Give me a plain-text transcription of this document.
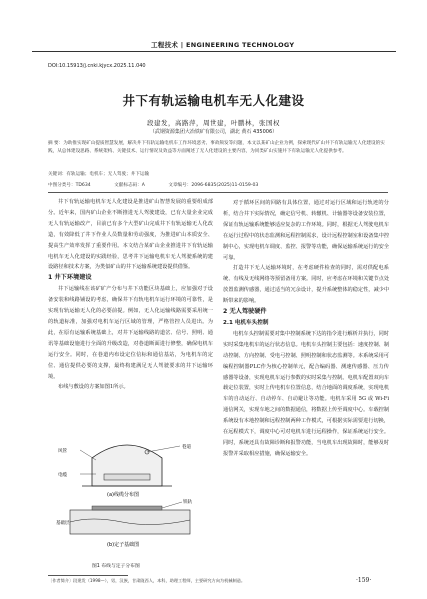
工程技术 | ENGINEERING TECHNOLOGY
DOI:10.15913/j.cnki.kjycx.2025.11.040
井下有轨运输电机车无人化建设
段建发，高路萍，周世建，叶鹏林，张国权
（武钢资源集团大冶铁矿有限公司，湖北 黄石 435006）
摘 要：为助推实现矿山提质智慧发展，解决井下有轨运输电机车工作环境恶劣、事故频发等问题，本文以某矿山企业为例，探索现代矿山井下有轨运输无人化建设的实践，从总体建设思路、系统架构、关键技术、运行情况及效益等方面阐述了无人化建设的主要内容，为同类矿山实施井下有轨运输无人化提供参考。
关键词：有轨运输；电机车；无人驾驶；井下运输
中图分类号：TD634	文献标志码：A	文章编号：2096-6835(2025)11-0159-03

井下有轨运输电机车无人化建设是推进矿山智慧发展的重要组成部分。近年来，国内矿山企业不断推进无人驾驶建设，已有大量企业完成无人有轨运输改产，目前已有多个大型矿山完成井下有轨运输无人化改造，有效降低了井下作业人员数量和劳动强度，为推进矿山本质安全、提高生产效率发挥了重要作用。本文结合某矿山企业推进井下有轨运输电机车无人化建设的实践经验，思考井下运输电机车无人驾驶系统的建设路径和技术方案，为类似矿山的井下运输系统建设提供借鉴。

1 井下环境建设

井下运输线在该矿矿产分布与井下功能区块基础上，应加强对于设备安装和线路铺设的考虑，确保井下有轨电机车运行环境的可靠性，是实现有轨运输无人化的必要前提。例如，无人化运输线路需要采用统一的轨道标准，加强对电机车运行区域的管理，严格管控人员进出。为此，在原有运输系统基础上，对井下运输线路的道岔、信号、照明、通讯等基础设施进行全面的升级改造，对巷道断面进行修整，确保电机车运行安全。同时，在巷道内布设定位信标和通信基站，为电机车的定位、通信提供必要的支撑，最终构建满足无人驾驶要求的井下运输环境。

布线与敷设的方案如图1所示。

风管
电缆
巷道
(a)线缆分布图
铁轨
基础层
(b)定子基础图
图1 布线与定子分布图

对于循环区间的回路有具体位置，通过对运行区域和运行轨迹的分析，结合井下实际情况，确定信号机、转辙机、计轴器等设备安装位置，保证有轨运输系统能够适应复杂的工作环境。同时，根据无人驾驶电机车在运行过程中的状态监测和远程控制需求，设计远程控制室和设备集中控制中心，实现电机车调度、监控、报警等功能，确保运输系统运行的安全可靠。

打造井下无人运输环境时，在考虑硬件检查的同时，需对供配电系统、有线及无线网络等预留备用方案。同时，应考虑在环境和关键节点处放置监测传感器，通过适当的冗余设计，提升系统整体的稳定性，减少中断带来的影响。

2 无人驾驶硬件

2.1 电机车头控制

电机车头控制需要对集中控制系统下达的指令进行解析并执行，同时实时采集电机车的运行状态信息。电机车头控制主要包括：速度控制、制动控制、方向控制、受电弓控制、照明控制和状态监测等。本系统采用可编程控制器PLC作为核心控制单元，配合编码器、测速传感器、压力传感器等设备，实现电机车运行参数的实时采集与控制。电机车配置双向车载定位装置，实时上传电机车位置信息，结合地面的调度系统，实现电机车的自动运行、自动停车、自动避让等功能。电机车采用 5G 或 Wi-Fi 通信网关，实现车地之间的数据通信，将数据上传至调度中心。车载控制系统设有本地控制和远程控制两种工作模式，可根据实际需要进行切换，在远程模式下，调度中心可对电机车进行远程操作，保证系统运行安全。同时，系统还具有故障诊断和报警功能，当电机车出现故障时，能够及时报警并采取相应措施，确保运输安全。

〔作者简介〕段建发（1998—），男，汉族，甘肃陇西人，本科，助理工程师，主要研究方向为机械制造。	·159·
